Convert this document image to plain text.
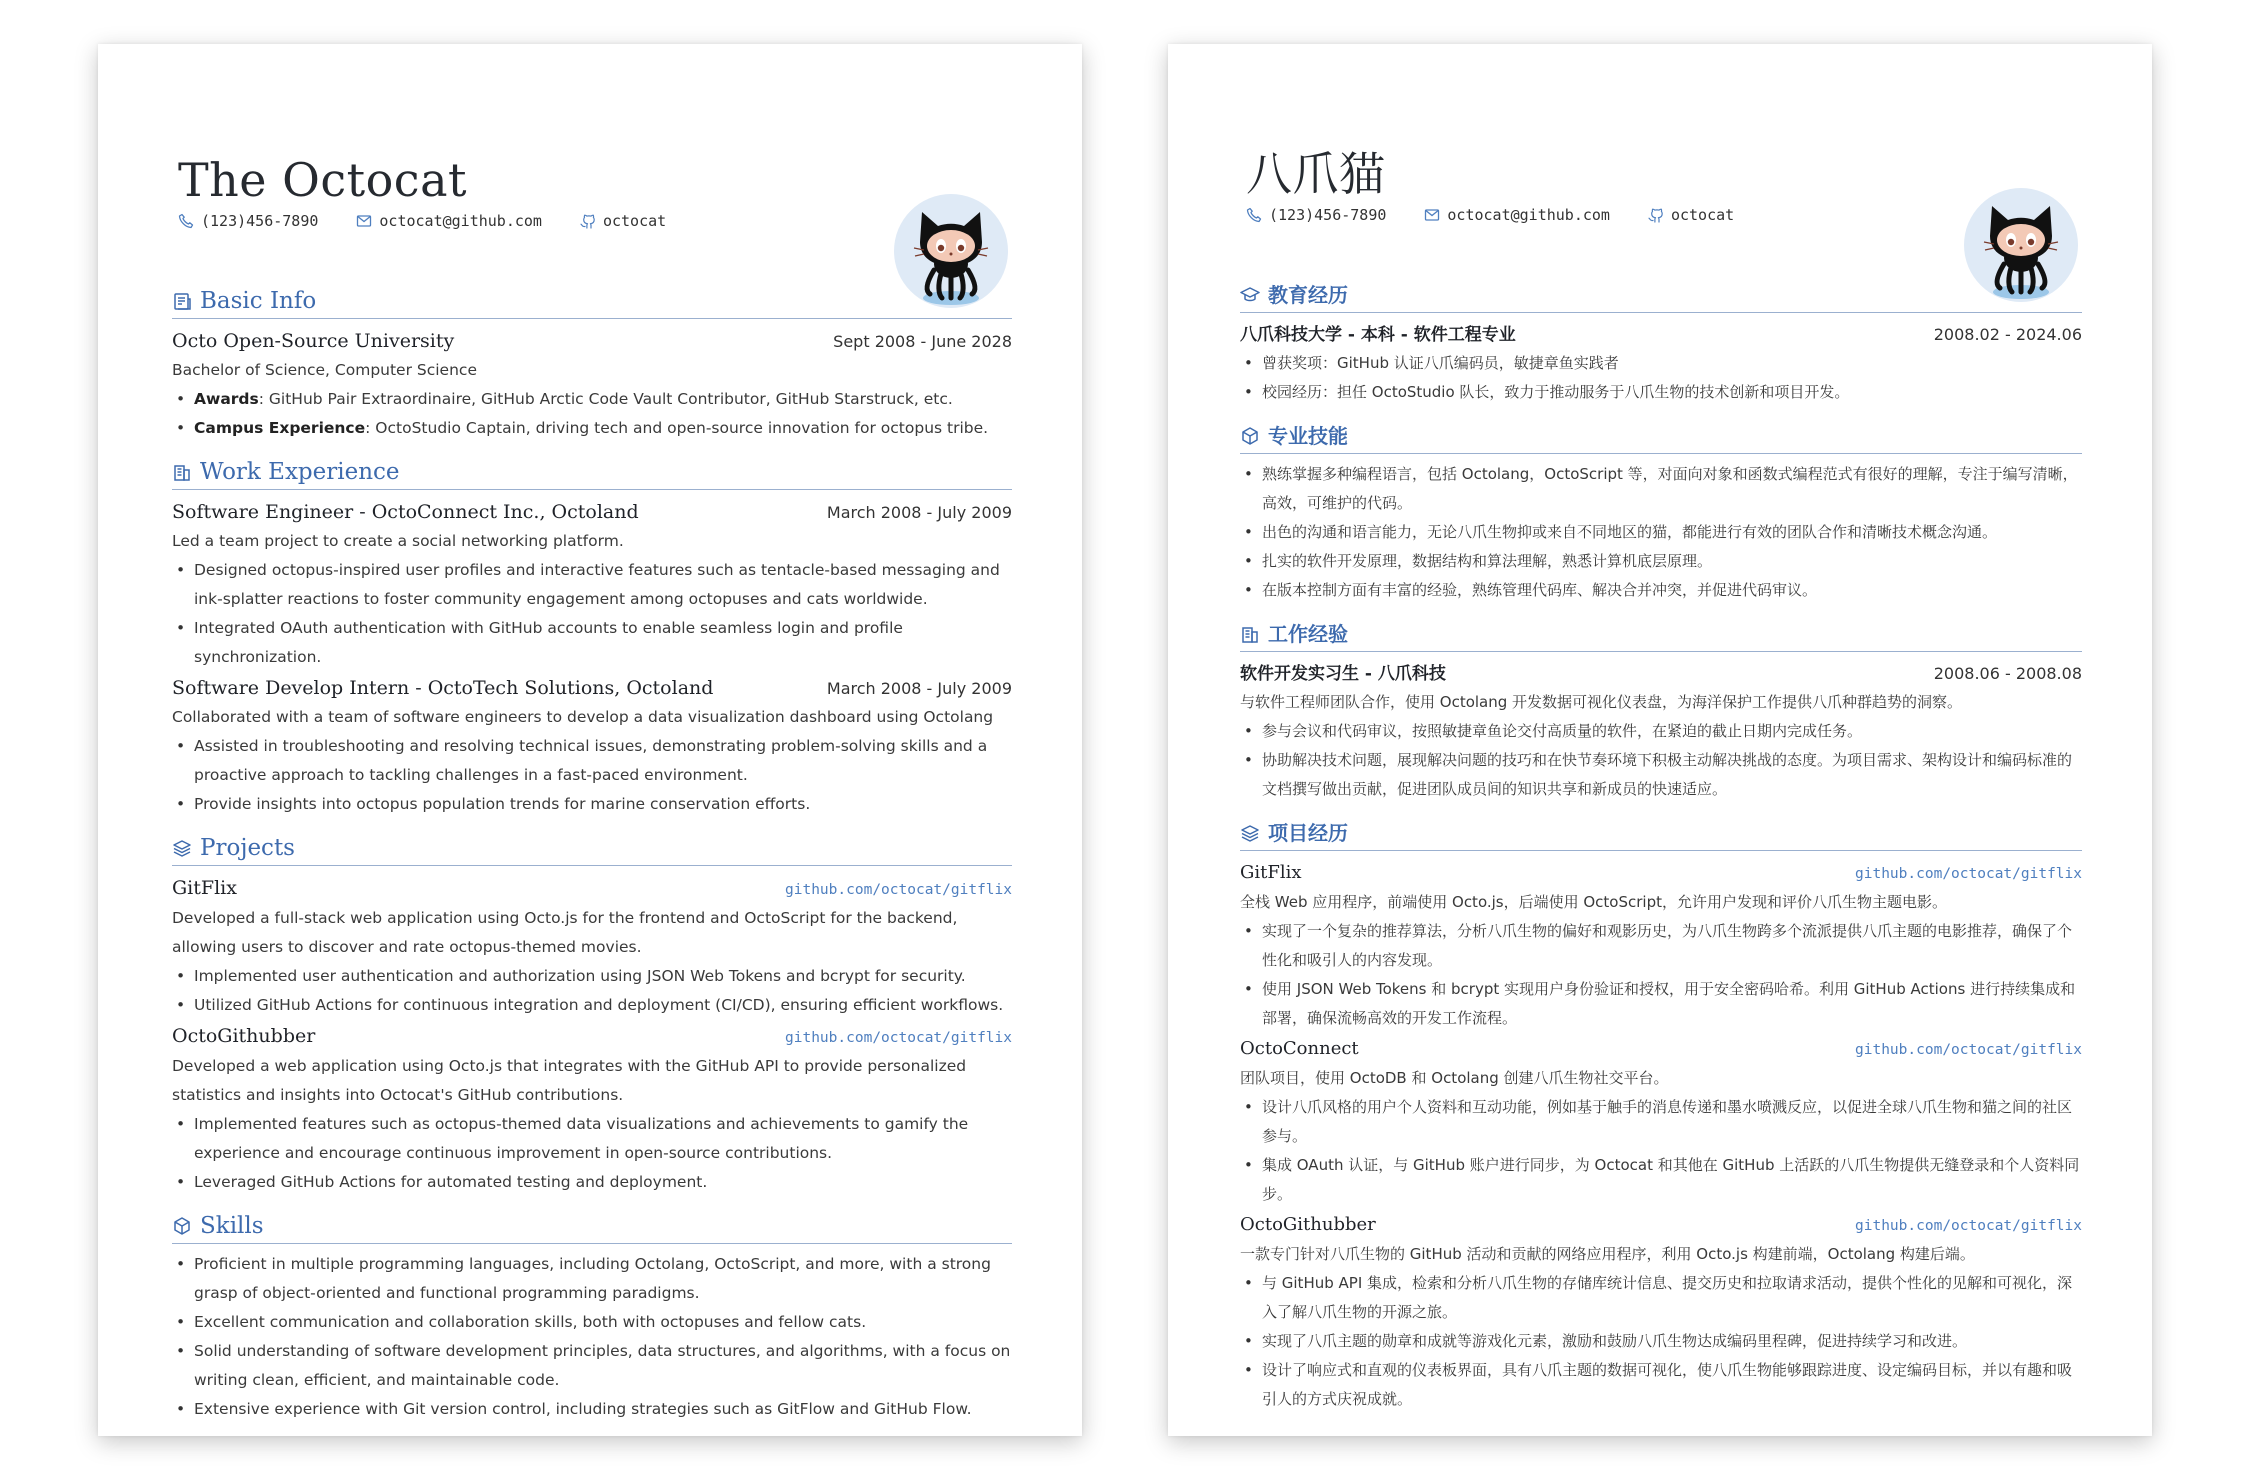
The Octocat
(123)456-7890	octocat@github.com	octocat
Basic Info
Octo Open-Source University	Sept 2008 - June 2028
Bachelor of Science, Computer Science
• Awards: GitHub Pair Extraordinaire, GitHub Arctic Code Vault Contributor, GitHub Starstruck, etc.
• Campus Experience: OctoStudio Captain, driving tech and open-source innovation for octopus tribe.
Work Experience
Software Engineer - OctoConnect Inc., Octoland	March 2008 - July 2009
Led a team project to create a social networking platform.
• Designed octopus-inspired user profiles and interactive features such as tentacle-based messaging and ink-splatter reactions to foster community engagement among octopuses and cats worldwide.
• Integrated OAuth authentication with GitHub accounts to enable seamless login and profile synchronization.
Software Develop Intern - OctoTech Solutions, Octoland	March 2008 - July 2009
Collaborated with a team of software engineers to develop a data visualization dashboard using Octolang
• Assisted in troubleshooting and resolving technical issues, demonstrating problem-solving skills and a proactive approach to tackling challenges in a fast-paced environment.
• Provide insights into octopus population trends for marine conservation efforts.
Projects
GitFlix	github.com/octocat/gitflix
Developed a full-stack web application using Octo.js for the frontend and OctoScript for the backend, allowing users to discover and rate octopus-themed movies.
• Implemented user authentication and authorization using JSON Web Tokens and bcrypt for security.
• Utilized GitHub Actions for continuous integration and deployment (CI/CD), ensuring efficient workflows.
OctoGithubber	github.com/octocat/gitflix
Developed a web application using Octo.js that integrates with the GitHub API to provide personalized statistics and insights into Octocat's GitHub contributions.
• Implemented features such as octopus-themed data visualizations and achievements to gamify the experience and encourage continuous improvement in open-source contributions.
• Leveraged GitHub Actions for automated testing and deployment.
Skills
• Proficient in multiple programming languages, including Octolang, OctoScript, and more, with a strong grasp of object-oriented and functional programming paradigms.
• Excellent communication and collaboration skills, both with octopuses and fellow cats.
• Solid understanding of software development principles, data structures, and algorithms, with a focus on writing clean, efficient, and maintainable code.
• Extensive experience with Git version control, including strategies such as GitFlow and GitHub Flow.
八爪猫
(123)456-7890	octocat@github.com	octocat
教育经历
八爪科技大学 - 本科 - 软件工程专业	2008.02 - 2024.06
• 曾获奖项：GitHub 认证八爪编码员，敏捷章鱼实践者
• 校园经历：担任 OctoStudio 队长，致力于推动服务于八爪生物的技术创新和项目开发。
专业技能
• 熟练掌握多种编程语言，包括 Octolang，OctoScript 等，对面向对象和函数式编程范式有很好的理解，专注于编写清晰，高效，可维护的代码。
• 出色的沟通和语言能力，无论八爪生物抑或来自不同地区的猫，都能进行有效的团队合作和清晰技术概念沟通。
• 扎实的软件开发原理，数据结构和算法理解，熟悉计算机底层原理。
• 在版本控制方面有丰富的经验，熟练管理代码库、解决合并冲突，并促进代码审议。
工作经验
软件开发实习生 - 八爪科技	2008.06 - 2008.08
与软件工程师团队合作，使用 Octolang 开发数据可视化仪表盘，为海洋保护工作提供八爪种群趋势的洞察。
• 参与会议和代码审议，按照敏捷章鱼论交付高质量的软件，在紧迫的截止日期内完成任务。
• 协助解决技术问题，展现解决问题的技巧和在快节奏环境下积极主动解决挑战的态度。为项目需求、架构设计和编码标准的文档撰写做出贡献，促进团队成员间的知识共享和新成员的快速适应。
项目经历
GitFlix	github.com/octocat/gitflix
全栈 Web 应用程序，前端使用 Octo.js，后端使用 OctoScript，允许用户发现和评价八爪生物主题电影。
• 实现了一个复杂的推荐算法，分析八爪生物的偏好和观影历史，为八爪生物跨多个流派提供八爪主题的电影推荐，确保了个性化和吸引人的内容发现。
• 使用 JSON Web Tokens 和 bcrypt 实现用户身份验证和授权，用于安全密码哈希。利用 GitHub Actions 进行持续集成和部署，确保流畅高效的开发工作流程。
OctoConnect	github.com/octocat/gitflix
团队项目，使用 OctoDB 和 Octolang 创建八爪生物社交平台。
• 设计八爪风格的用户个人资料和互动功能，例如基于触手的消息传递和墨水喷溅反应，以促进全球八爪生物和猫之间的社区参与。
• 集成 OAuth 认证，与 GitHub 账户进行同步，为 Octocat 和其他在 GitHub 上活跃的八爪生物提供无缝登录和个人资料同步。
OctoGithubber	github.com/octocat/gitflix
一款专门针对八爪生物的 GitHub 活动和贡献的网络应用程序，利用 Octo.js 构建前端，Octolang 构建后端。
• 与 GitHub API 集成，检索和分析八爪生物的存储库统计信息、提交历史和拉取请求活动，提供个性化的见解和可视化，深入了解八爪生物的开源之旅。
• 实现了八爪主题的勋章和成就等游戏化元素，激励和鼓励八爪生物达成编码里程碑，促进持续学习和改进。
• 设计了响应式和直观的仪表板界面，具有八爪主题的数据可视化，使八爪生物能够跟踪进度、设定编码目标，并以有趣和吸引人的方式庆祝成就。
